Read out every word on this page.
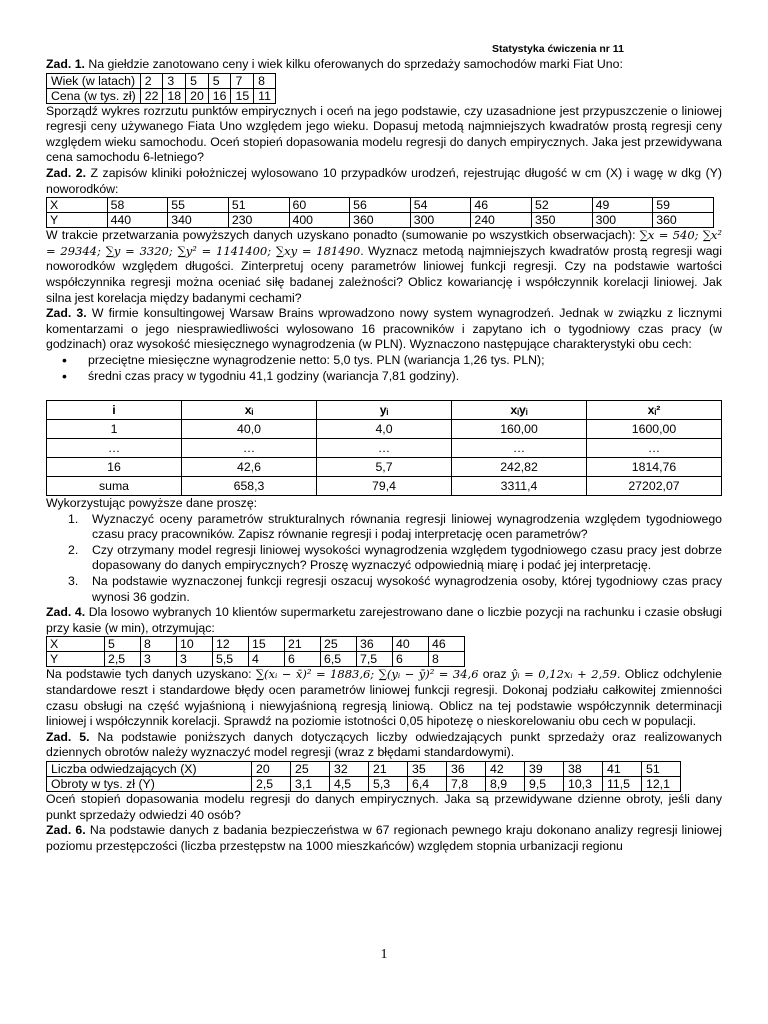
Statystyka ćwiczenia nr 11

Zad. 1. Na giełdzie zanotowano ceny i wiek kilku oferowanych do sprzedaży samochodów marki Fiat Uno:

Wiek (w latach)	2	3	5	5	7	8
Cena (w tys. zł)	22	18	20	16	15	11

Sporządź wykres rozrzutu punktów empirycznych i oceń na jego podstawie, czy uzasadnione jest przypuszczenie o liniowej regresji ceny używanego Fiata Uno względem jego wieku. Dopasuj metodą najmniejszych kwadratów prostą regresji ceny względem wieku samochodu. Oceń stopień dopasowania modelu regresji do danych empirycznych. Jaka jest przewidywana cena samochodu 6-letniego?

Zad. 2. Z zapisów kliniki położniczej wylosowano 10 przypadków urodzeń, rejestrując długość w cm (X) i wagę w dkg (Y) noworodków:

X	58	55	51	60	56	54	46	52	49	59
Y	440	340	230	400	360	300	240	350	300	360

W trakcie przetwarzania powyższych danych uzyskano ponadto (sumowanie po wszystkich obserwacjach): ∑x = 540; ∑x² = 29344; ∑y = 3320; ∑y² = 1141400; ∑xy = 181490. Wyznacz metodą najmniejszych kwadratów prostą regresji wagi noworodków względem długości. Zinterpretuj oceny parametrów liniowej funkcji regresji. Czy na podstawie wartości współczynnika regresji można oceniać siłę badanej zależności? Oblicz kowariancję i współczynnik korelacji liniowej. Jak silna jest korelacja między badanymi cechami?

Zad. 3. W firmie konsultingowej Warsaw Brains wprowadzono nowy system wynagrodzeń. Jednak w związku z licznymi komentarzami o jego niesprawiedliwości wylosowano 16 pracowników i zapytano ich o tygodniowy czas pracy (w godzinach) oraz wysokość miesięcznego wynagrodzenia (w PLN). Wyznaczono następujące charakterystyki obu cech:

• przeciętne miesięczne wynagrodzenie netto: 5,0 tys. PLN (wariancja 1,26 tys. PLN);
• średni czas pracy w tygodniu 41,1 godziny (wariancja 7,81 godziny).
i	xᵢ	yᵢ	xᵢyᵢ	xᵢ²
1	40,0	4,0	160,00	1600,00
…	…	…	…	…
16	42,6	5,7	242,82	1814,76
suma	658,3	79,4	3311,4	27202,07

Wykorzystując powyższe dane proszę:

1. Wyznaczyć oceny parametrów strukturalnych równania regresji liniowej wynagrodzenia względem tygodniowego czasu pracy pracowników. Zapisz równanie regresji i podaj interpretację ocen parametrów?
2. Czy otrzymany model regresji liniowej wysokości wynagrodzenia względem tygodniowego czasu pracy jest dobrze dopasowany do danych empirycznych? Proszę wyznaczyć odpowiednią miarę i podać jej interpretację.
3. Na podstawie wyznaczonej funkcji regresji oszacuj wysokość wynagrodzenia osoby, której tygodniowy czas pracy wynosi 36 godzin.

Zad. 4. Dla losowo wybranych 10 klientów supermarketu zarejestrowano dane o liczbie pozycji na rachunku i czasie obsługi przy kasie (w min), otrzymując:

X	5	8	10	12	15	21	25	36	40	46
Y	2,5	3	3	5,5	4	6	6,5	7,5	6	8

Na podstawie tych danych uzyskano: ∑(xᵢ − x̄)² = 1883,6; ∑(yᵢ − ȳ)² = 34,6 oraz ŷᵢ = 0,12xᵢ + 2,59. Oblicz odchylenie standardowe reszt i standardowe błędy ocen parametrów liniowej funkcji regresji. Dokonaj podziału całkowitej zmienności czasu obsługi na część wyjaśnioną i niewyjaśnioną regresją liniową. Oblicz na tej podstawie współczynnik determinacji liniowej i współczynnik korelacji. Sprawdź na poziomie istotności 0,05 hipotezę o nieskorelowaniu obu cech w populacji.

Zad. 5. Na podstawie poniższych danych dotyczących liczby odwiedzających punkt sprzedaży oraz realizowanych dziennych obrotów należy wyznaczyć model regresji (wraz z błędami standardowymi).

Liczba odwiedzających (X)	20	25	32	21	35	36	42	39	38	41	51
Obroty w tys. zł (Y)	2,5	3,1	4,5	5,3	6,4	7,8	8,9	9,5	10,3	11,5	12,1

Oceń stopień dopasowania modelu regresji do danych empirycznych. Jaka są przewidywane dzienne obroty, jeśli dany punkt sprzedaży odwiedzi 40 osób?

Zad. 6. Na podstawie danych z badania bezpieczeństwa w 67 regionach pewnego kraju dokonano analizy regresji liniowej poziomu przestępczości (liczba przestępstw na 1000 mieszkańców) względem stopnia urbanizacji regionu

1
